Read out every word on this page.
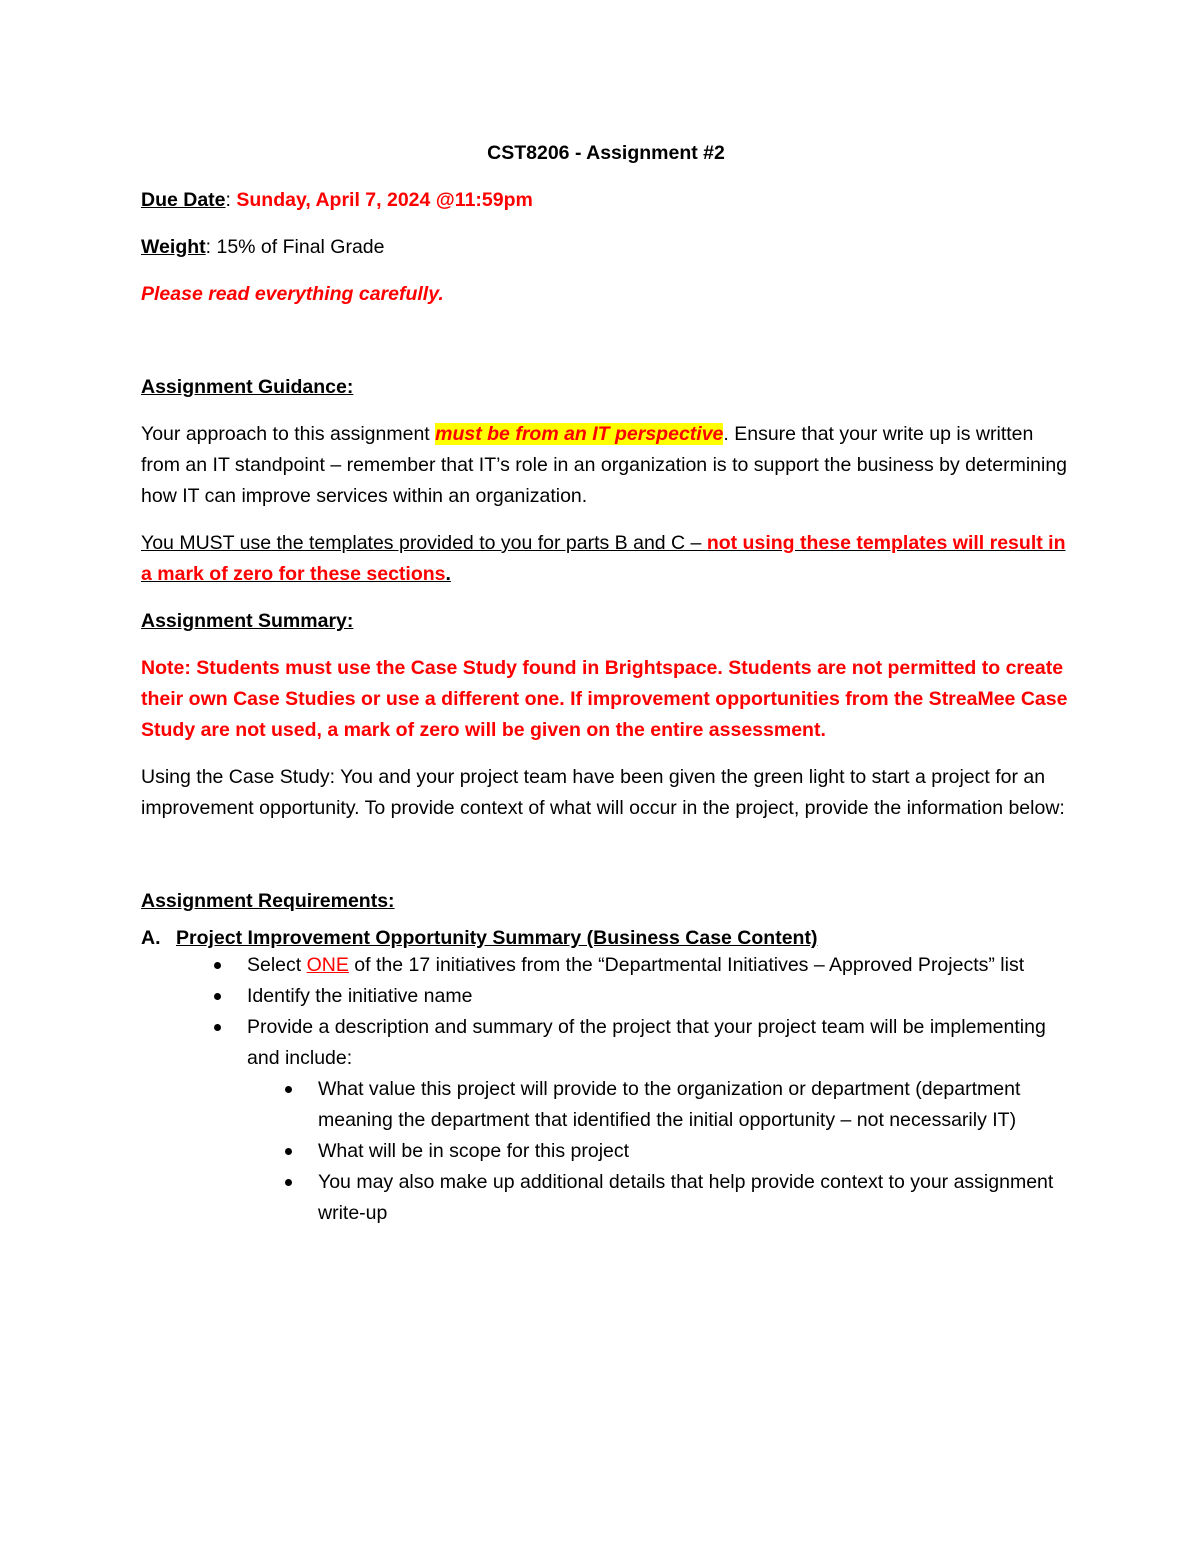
CST8206 - Assignment #2

Due Date: Sunday, April 7, 2024 @11:59pm

Weight: 15% of Final Grade

Please read everything carefully.

Assignment Guidance:

Your approach to this assignment must be from an IT perspective. Ensure that your write up is written from an IT standpoint – remember that IT’s role in an organization is to support the business by determining how IT can improve services within an organization.

You MUST use the templates provided to you for parts B and C – not using these templates will result in a mark of zero for these sections.

Assignment Summary:

Note: Students must use the Case Study found in Brightspace. Students are not permitted to create their own Case Studies or use a different one. If improvement opportunities from the StreaMee Case Study are not used, a mark of zero will be given on the entire assessment.

Using the Case Study: You and your project team have been given the green light to start a project for an improvement opportunity. To provide context of what will occur in the project, provide the information below:

Assignment Requirements:

A. Project Improvement Opportunity Summary (Business Case Content)
Select ONE of the 17 initiatives from the “Departmental Initiatives – Approved Projects” list
Identify the initiative name
Provide a description and summary of the project that your project team will be implementing and include:
What value this project will provide to the organization or department (department meaning the department that identified the initial opportunity – not necessarily IT)
What will be in scope for this project
You may also make up additional details that help provide context to your assignment write-up
